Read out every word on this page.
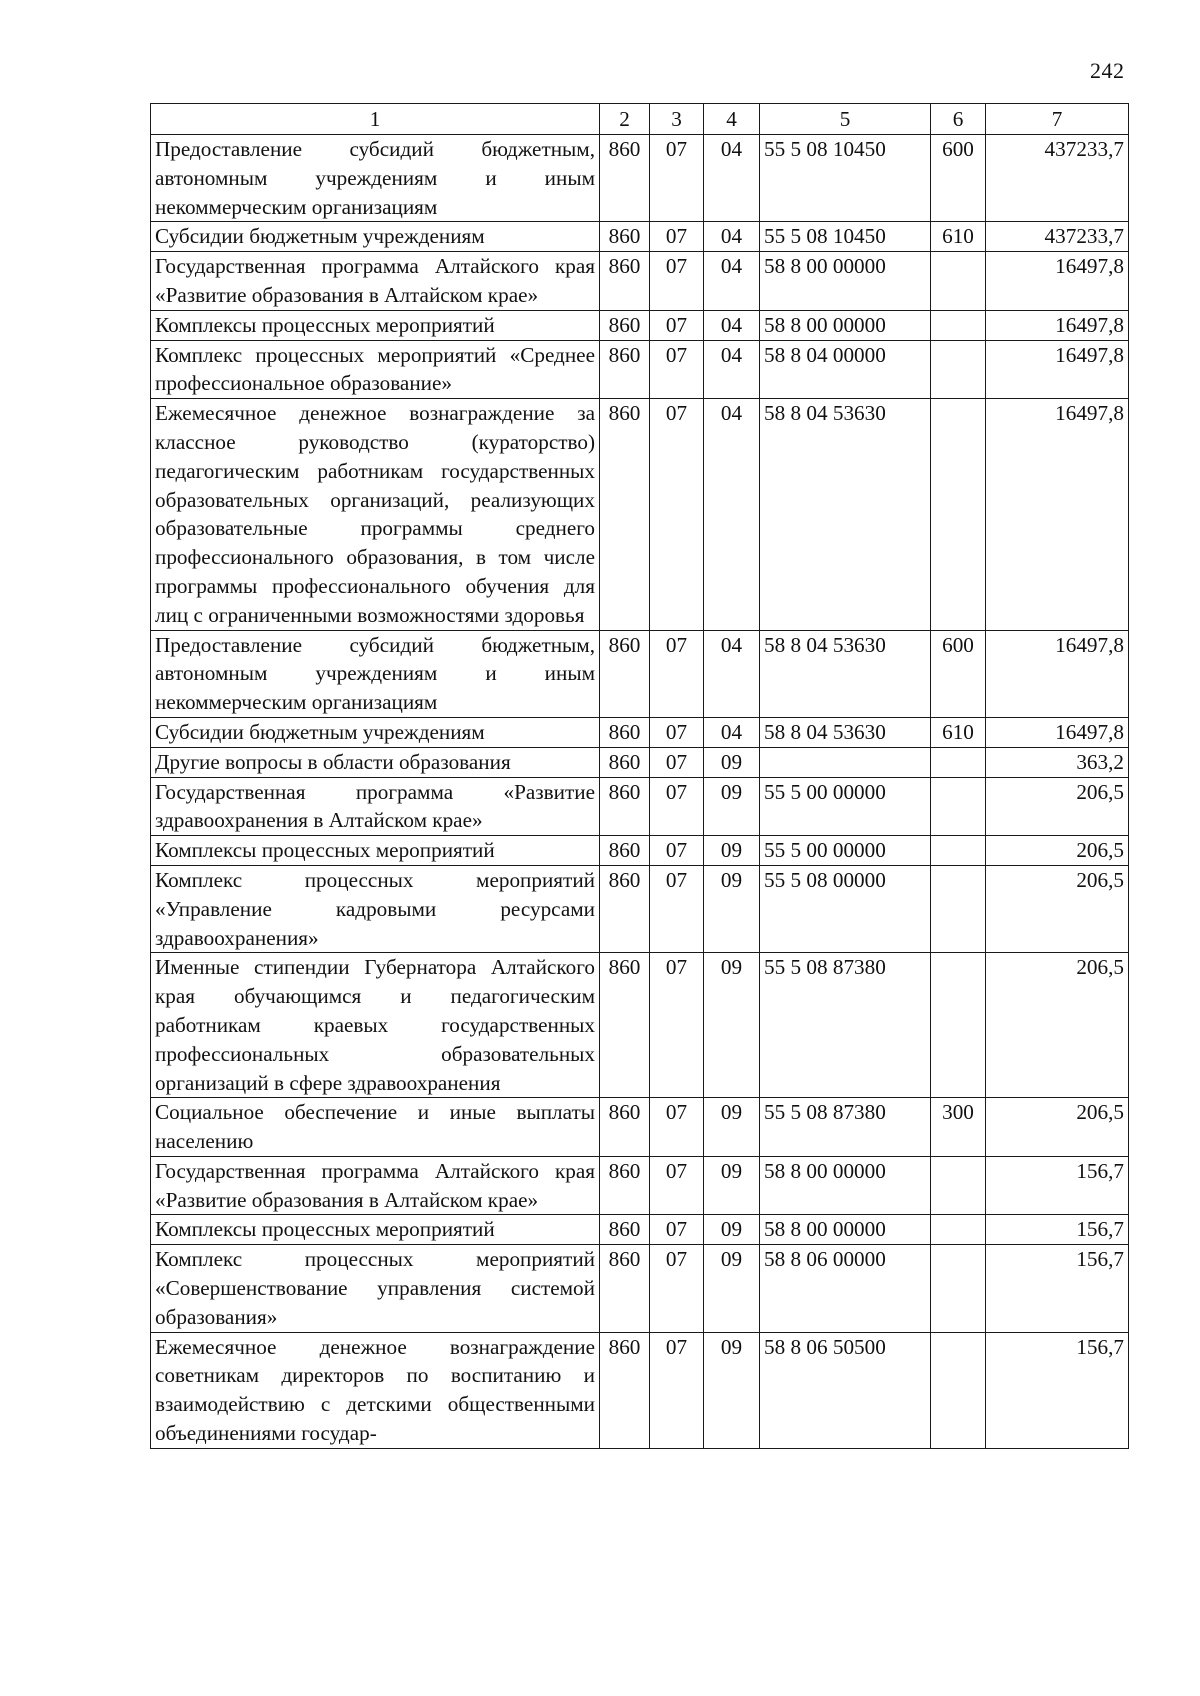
242
1	2	3	4	5	6	7
Предоставление субсидий бюджетным, автономным учреждениям и иным некоммерческим организациям	860	07	04	55 5 08 10450	600	437233,7
Субсидии бюджетным учреждениям	860	07	04	55 5 08 10450	610	437233,7
Государственная программа Алтайского края «Развитие образования в Алтайском крае»	860	07	04	58 8 00 00000		16497,8
Комплексы процессных мероприятий	860	07	04	58 8 00 00000		16497,8
Комплекс процессных мероприятий «Среднее профессиональное образование»	860	07	04	58 8 04 00000		16497,8
Ежемесячное денежное вознаграждение за классное руководство (кураторство) педагогическим работникам государственных образовательных организаций, реализующих образовательные программы среднего профессионального образования, в том числе программы профессионального обучения для лиц с ограниченными возможностями здоровья	860	07	04	58 8 04 53630		16497,8
Предоставление субсидий бюджетным, автономным учреждениям и иным некоммерческим организациям	860	07	04	58 8 04 53630	600	16497,8
Субсидии бюджетным учреждениям	860	07	04	58 8 04 53630	610	16497,8
Другие вопросы в области образования	860	07	09			363,2
Государственная программа «Развитие здравоохранения в Алтайском крае»	860	07	09	55 5 00 00000		206,5
Комплексы процессных мероприятий	860	07	09	55 5 00 00000		206,5
Комплекс процессных мероприятий «Управление кадровыми ресурсами здравоохранения»	860	07	09	55 5 08 00000		206,5
Именные стипендии Губернатора Алтайского края обучающимся и педагогическим работникам краевых государственных профессиональных образовательных организаций в сфере здравоохранения	860	07	09	55 5 08 87380		206,5
Социальное обеспечение и иные выплаты населению	860	07	09	55 5 08 87380	300	206,5
Государственная программа Алтайского края «Развитие образования в Алтайском крае»	860	07	09	58 8 00 00000		156,7
Комплексы процессных мероприятий	860	07	09	58 8 00 00000		156,7
Комплекс процессных мероприятий «Совершенствование управления системой образования»	860	07	09	58 8 06 00000		156,7
Ежемесячное денежное вознаграждение советникам директоров по воспитанию и взаимодействию с детскими общественными объединениями государ-	860	07	09	58 8 06 50500		156,7
